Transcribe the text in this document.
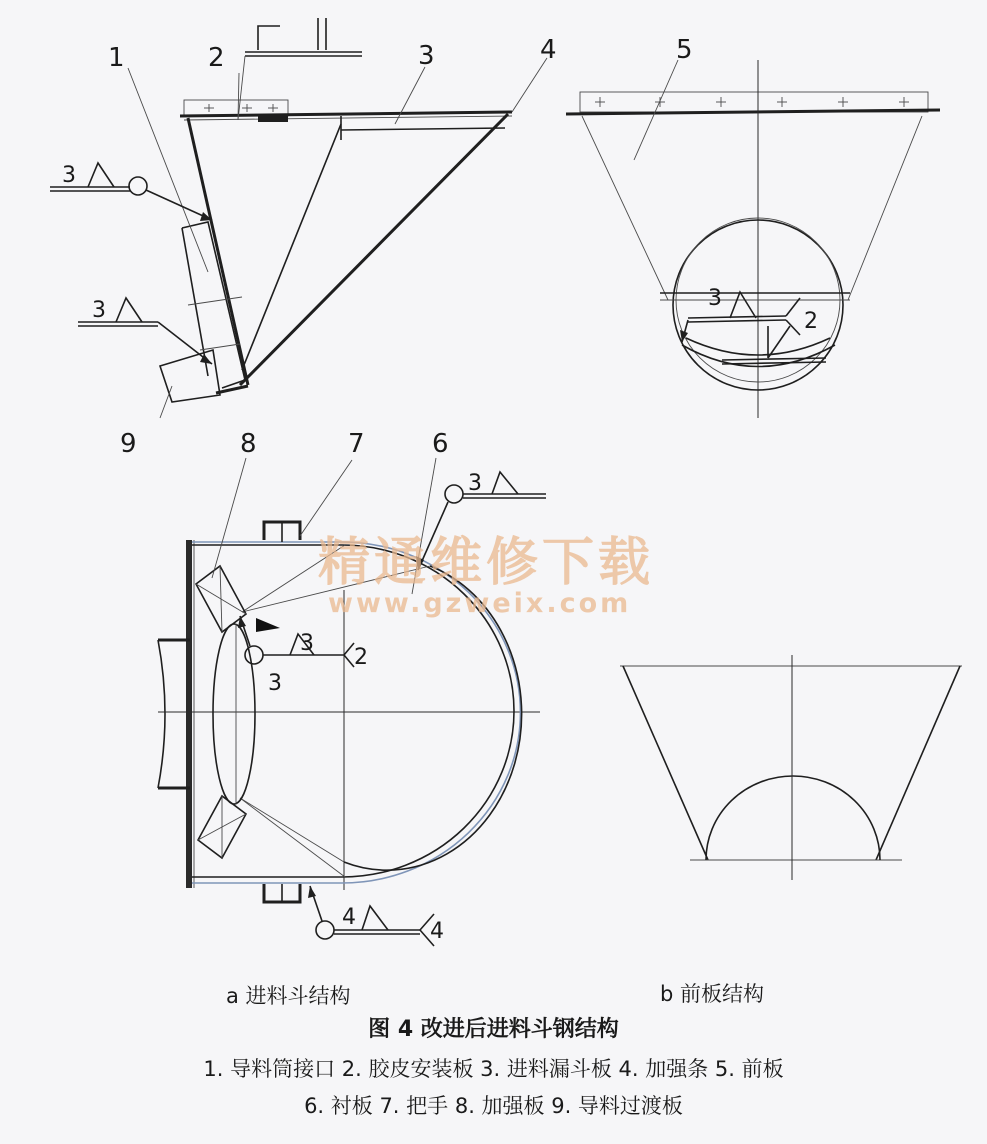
精通维修下载
www.gzweix.com
1	2	3	4	5
6
7
8
9
3
3	3
2
3
3
2
3
4
4
a 进料斗结构	b 前板结构
图 4 改进后进料斗钢结构
1. 导料筒接口 2. 胶皮安装板 3. 进料漏斗板 4. 加强条 5. 前板
6. 衬板 7. 把手 8. 加强板 9. 导料过渡板
